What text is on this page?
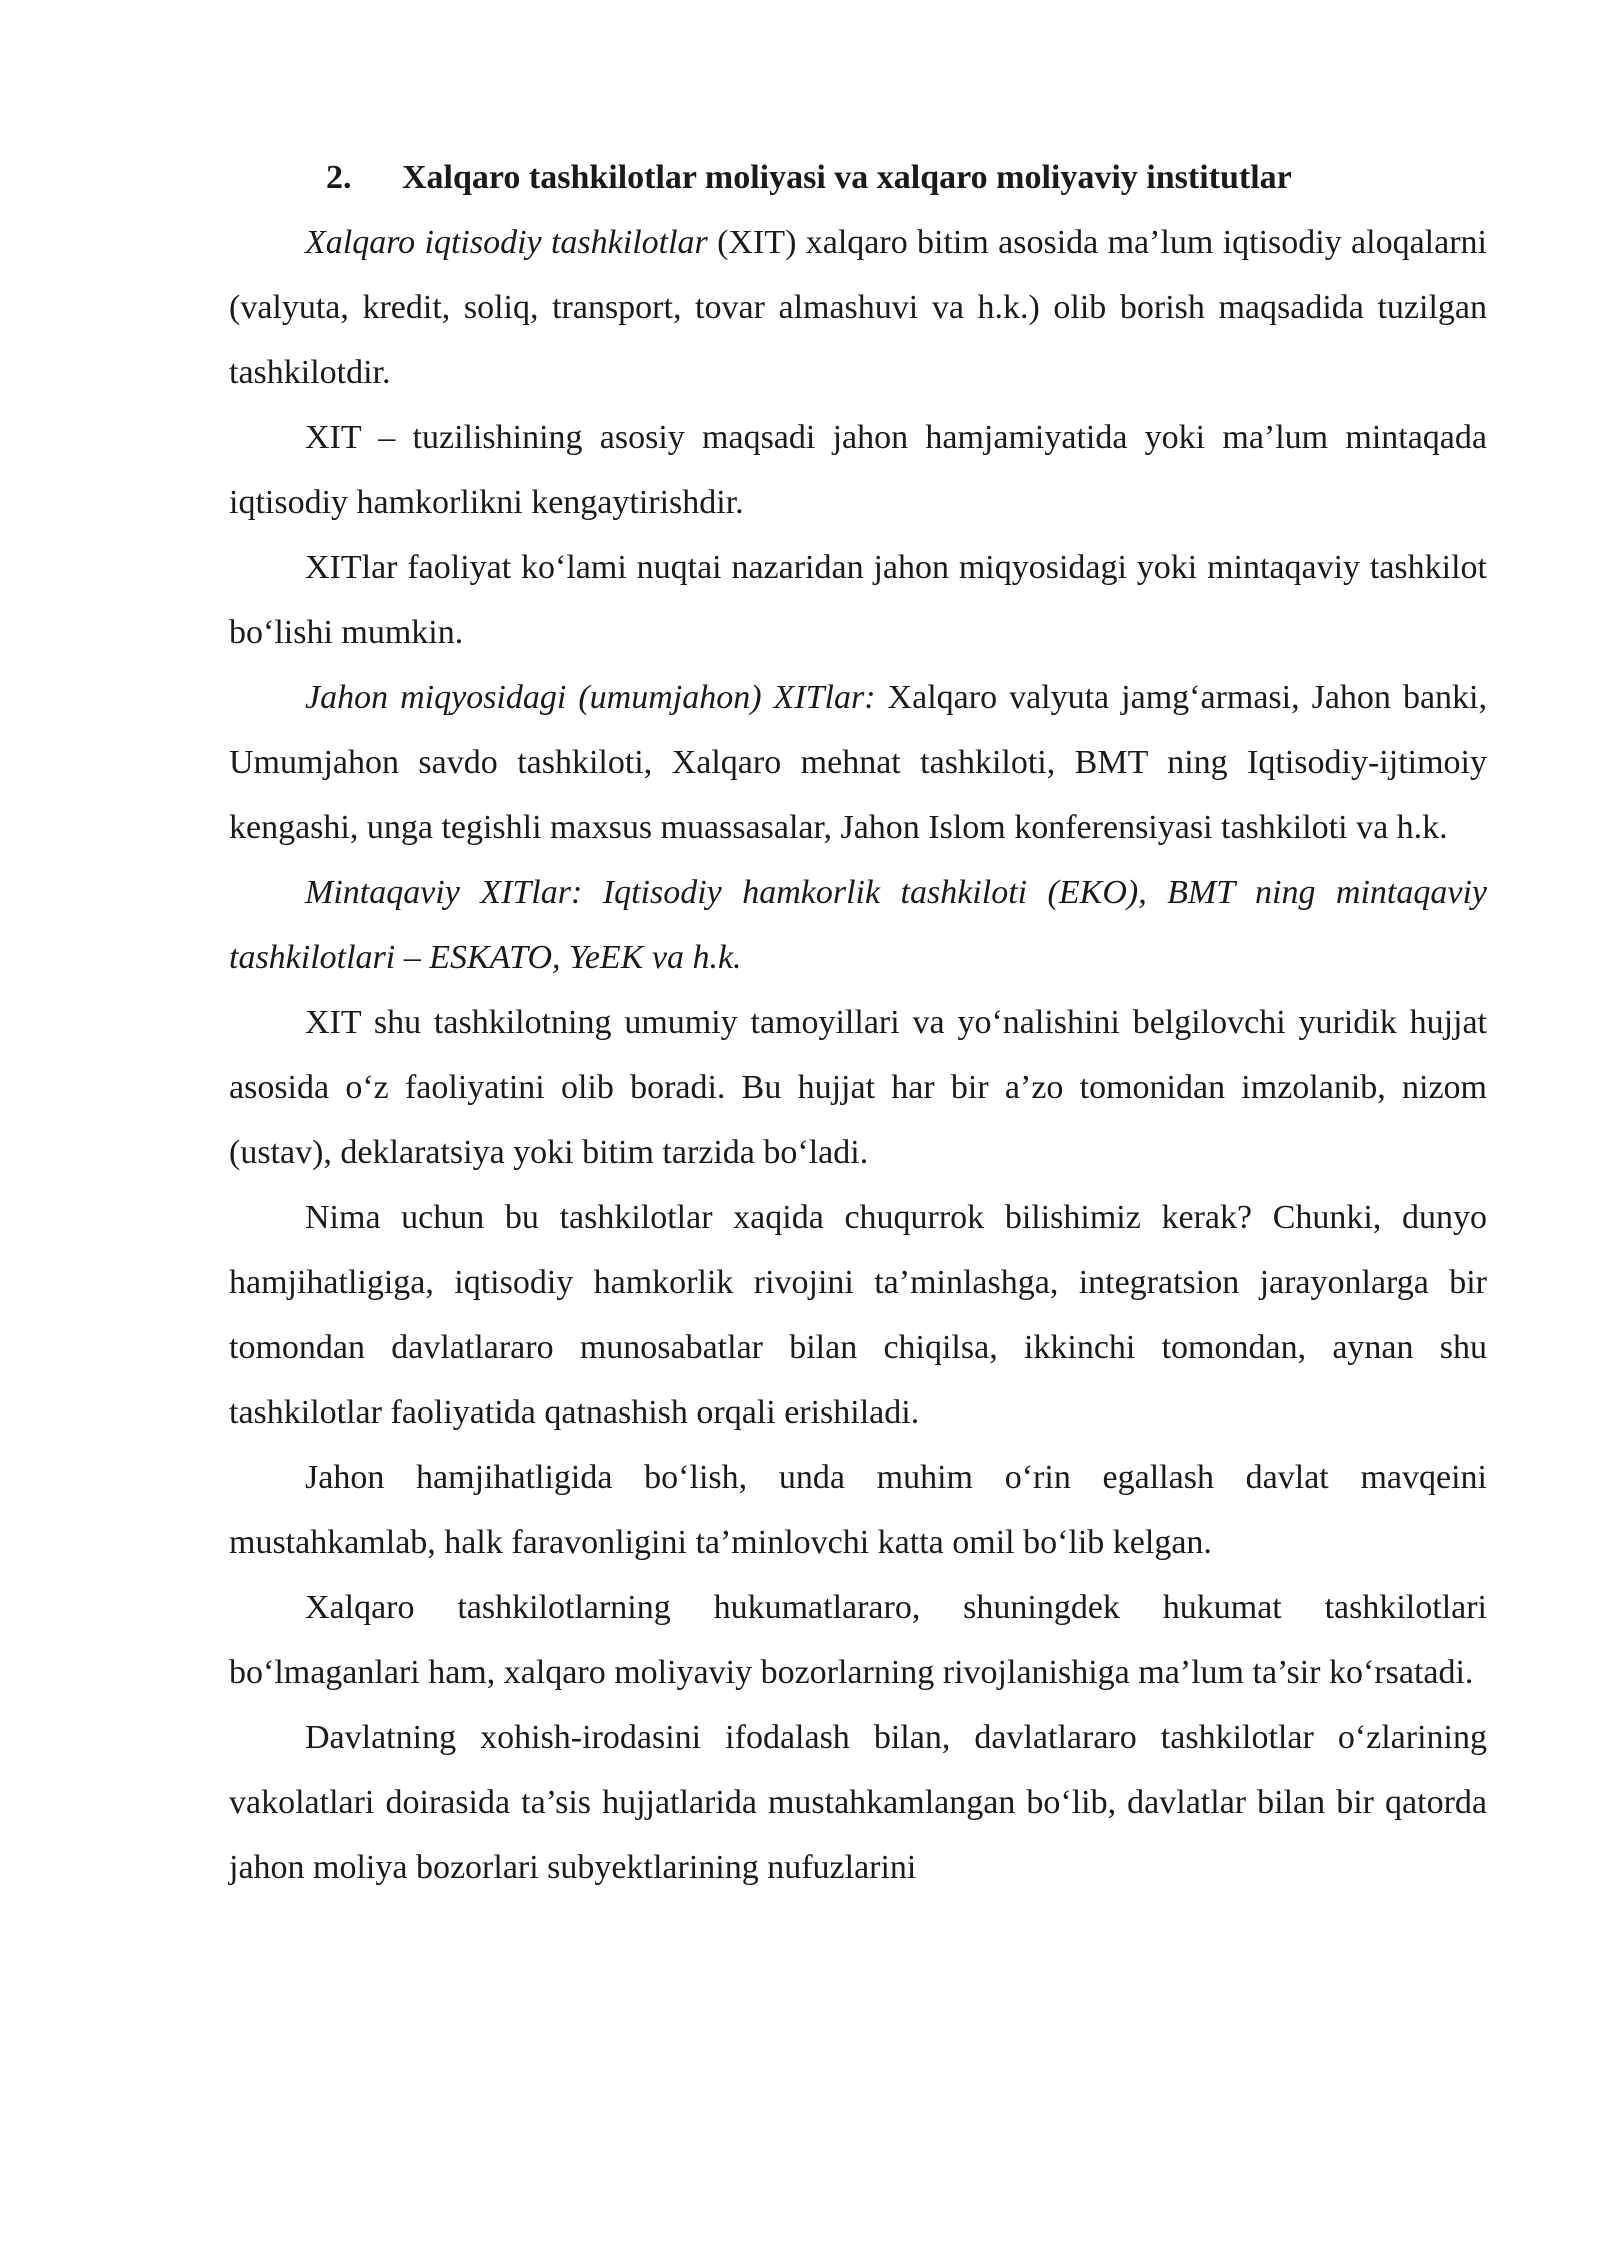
2. Xalqaro tashkilotlar moliyasi va xalqaro moliyaviy institutlar

Xalqaro iqtisodiy tashkilotlar (XIT) xalqaro bitim asosida ma’lum iqtisodiy aloqalarni (valyuta, kredit, soliq, transport, tovar almashuvi va h.k.) olib borish maqsadida tuzilgan tashkilotdir.

XIT – tuzilishining asosiy maqsadi jahon hamjamiyatida yoki ma’lum mintaqada iqtisodiy hamkorlikni kengaytirishdir.

XITlar faoliyat ko‘lami nuqtai nazaridan jahon miqyosidagi yoki mintaqaviy tashkilot bo‘lishi mumkin.

Jahon miqyosidagi (umumjahon) XITlar: Xalqaro valyuta jamg‘armasi, Jahon banki, Umumjahon savdo tashkiloti, Xalqaro mehnat tashkiloti, BMT ning Iqtisodiy-ijtimoiy kengashi, unga tegishli maxsus muassasalar, Jahon Islom konferensiyasi tashkiloti va h.k.

Mintaqaviy XITlar: Iqtisodiy hamkorlik tashkiloti (EKO), BMT ning mintaqaviy tashkilotlari – ESKATO, YeEK va h.k.

XIT shu tashkilotning umumiy tamoyillari va yo‘nalishini belgilovchi yuridik hujjat asosida o‘z faoliyatini olib boradi. Bu hujjat har bir a’zo tomonidan imzolanib, nizom (ustav), deklaratsiya yoki bitim tarzida bo‘ladi.

Nima uchun bu tashkilotlar xaqida chuqurrok bilishimiz kerak? Chunki, dunyo hamjihatligiga, iqtisodiy hamkorlik rivojini ta’minlashga, integratsion jarayonlarga bir tomondan davlatlararo munosabatlar bilan chiqilsa, ikkinchi tomondan, aynan shu tashkilotlar faoliyatida qatnashish orqali erishiladi.

Jahon hamjihatligida bo‘lish, unda muhim o‘rin egallash davlat mavqeini mustahkamlab, halk faravonligini ta’minlovchi katta omil bo‘lib kelgan.

Xalqaro tashkilotlarning hukumatlararo, shuningdek hukumat tashkilotlari bo‘lmaganlari ham, xalqaro moliyaviy bozorlarning rivojlanishiga ma’lum ta’sir ko‘rsatadi.

Davlatning xohish-irodasini ifodalash bilan, davlatlararo tashkilotlar o‘zlarining vakolatlari doirasida ta’sis hujjatlarida mustahkamlangan bo‘lib, davlatlar bilan bir qatorda jahon moliya bozorlari subyektlarining nufuzlarini
